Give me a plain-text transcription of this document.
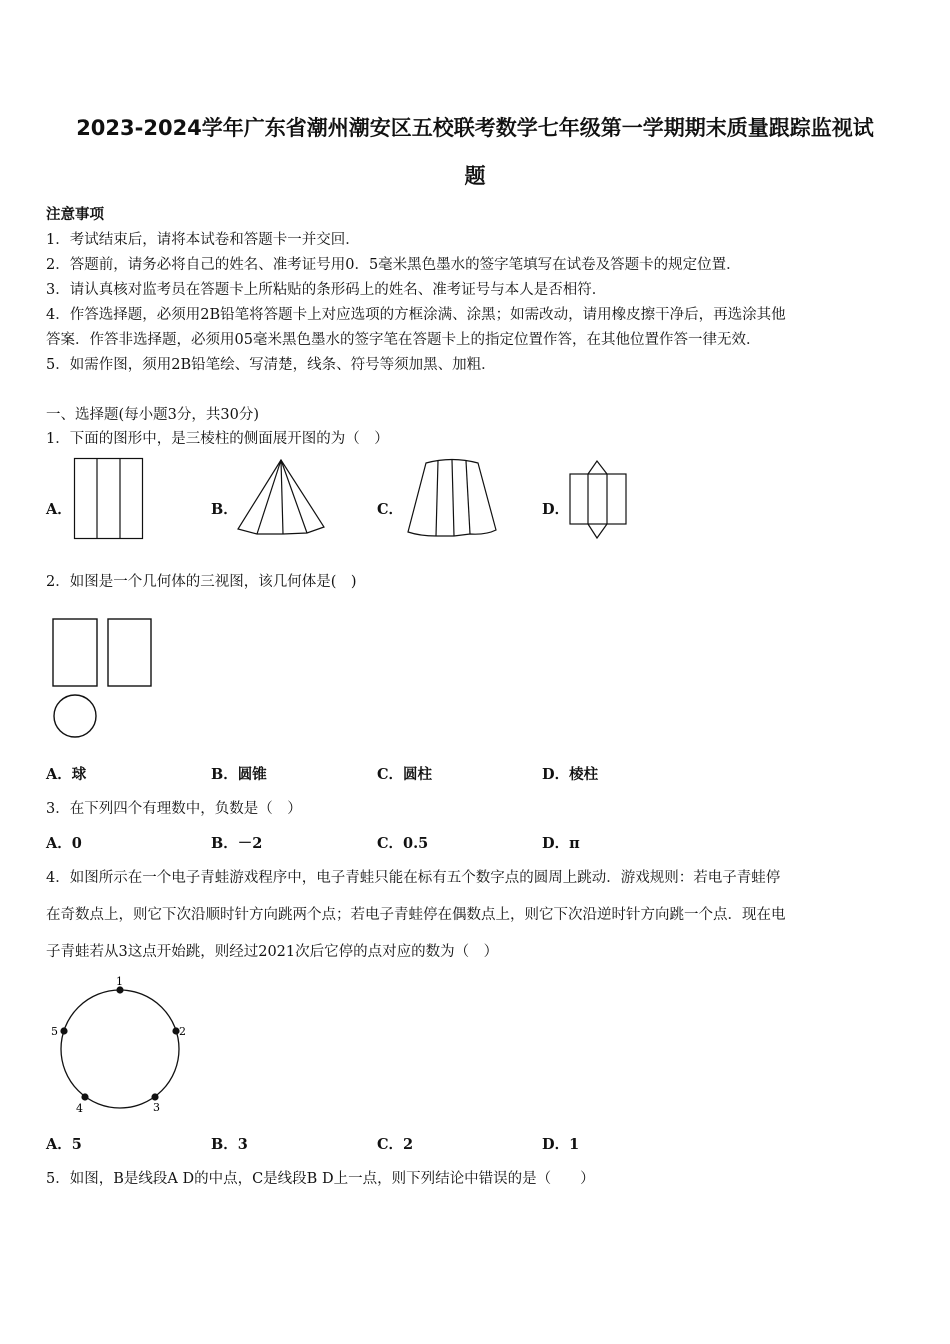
2023-2024学年广东省潮州潮安区五校联考数学七年级第一学期期末质量跟踪监视试
题
注意事项
1．考试结束后，请将本试卷和答题卡一并交回．
2．答题前，请务必将自己的姓名、准考证号用0．5毫米黑色墨水的签字笔填写在试卷及答题卡的规定位置．
3．请认真核对监考员在答题卡上所粘贴的条形码上的姓名、准考证号与本人是否相符．
4．作答选择题，必须用2B铅笔将答题卡上对应选项的方框涂满、涂黑；如需改动，请用橡皮擦干净后，再选涂其他
答案．作答非选择题，必须用05毫米黑色墨水的签字笔在答题卡上的指定位置作答，在其他位置作答一律无效．
5．如需作图，须用2B铅笔绘、写清楚，线条、符号等须加黑、加粗．
一、选择题(每小题3分，共30分)
1．下面的图形中，是三棱柱的侧面展开图的为（　）
A．	B．	C．	D．
2．如图是一个几何体的三视图，该几何体是(　)
A．球	B．圆锥	C．圆柱	D．棱柱
3．在下列四个有理数中，负数是（　）
A．0	B．－2	C．0.5	D．π
4．如图所示在一个电子青蛙游戏程序中，电子青蛙只能在标有五个数字点的圆周上跳动．游戏规则：若电子青蛙停
在奇数点上，则它下次沿顺时针方向跳两个点；若电子青蛙停在偶数点上，则它下次沿逆时针方向跳一个点．现在电
子青蛙若从3这点开始跳，则经过2021次后它停的点对应的数为（　）
1
2
3
4
5
A．5	B．3	C．2	D．1
5．如图，B是线段A D的中点，C是线段B D上一点，则下列结论中错误的是（　　）
